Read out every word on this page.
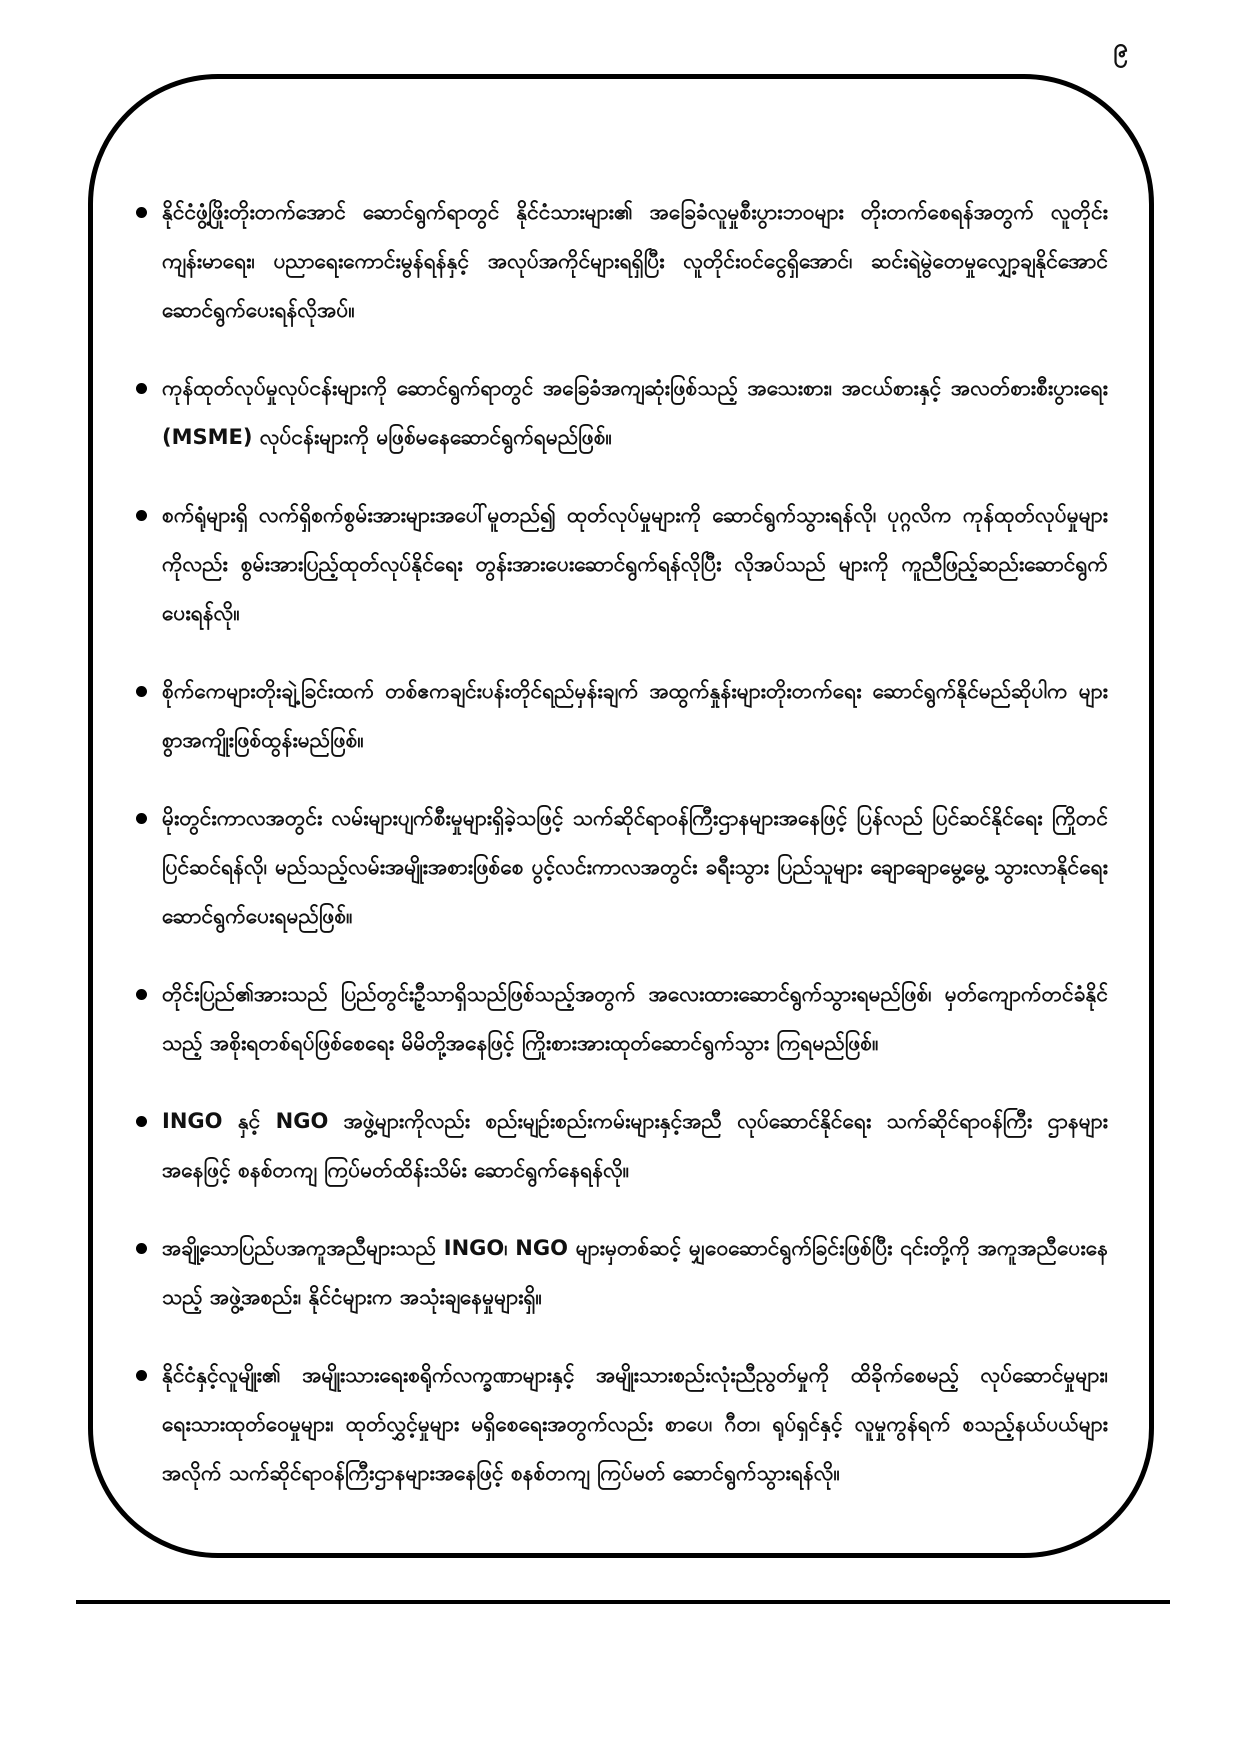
၉
နိုင်ငံဖွံ့ဖြိုးတိုးတက်အောင် ဆောင်ရွက်ရာတွင် နိုင်ငံသားများ၏ အခြေခံလူမှုစီးပွားဘဝများ တိုးတက်စေရန်အတွက် လူတိုင်းကျန်းမာရေး၊ ပညာရေးကောင်းမွန်ရန်နှင့် အလုပ်အကိုင်များရရှိပြီး လူတိုင်းဝင်ငွေရှိအောင်၊ ဆင်းရဲမွဲတေမှုလျှော့ချနိုင်အောင် ဆောင်ရွက်ပေးရန်လိုအပ်။
ကုန်ထုတ်လုပ်မှုလုပ်ငန်းများကို ဆောင်ရွက်ရာတွင် အခြေခံအကျဆုံးဖြစ်သည့် အသေးစား၊ အငယ်စားနှင့် အလတ်စားစီးပွားရေး (MSME) လုပ်ငန်းများကို မဖြစ်မနေဆောင်ရွက်ရမည်ဖြစ်။
စက်ရုံများရှိ လက်ရှိစက်စွမ်းအားများအပေါ်မူတည်၍ ထုတ်လုပ်မှုများကို ဆောင်ရွက်သွားရန်လို၊ ပုဂ္ဂလိက ကုန်ထုတ်လုပ်မှုများကိုလည်း စွမ်းအားပြည့်ထုတ်လုပ်နိုင်ရေး တွန်းအားပေးဆောင်ရွက်ရန်လိုပြီး လိုအပ်သည် များကို ကူညီဖြည့်ဆည်းဆောင်ရွက်ပေးရန်လို။
စိုက်ကေများတိုးချဲ့ခြင်းထက် တစ်ဧကချင်းပန်းတိုင်ရည်မှန်းချက် အထွက်နှုန်းများတိုးတက်ရေး ဆောင်ရွက်နိုင်မည်ဆိုပါက များစွာအကျိုးဖြစ်ထွန်းမည်ဖြစ်။
မိုးတွင်းကာလအတွင်း လမ်းများပျက်စီးမှုများရှိခဲ့သဖြင့် သက်ဆိုင်ရာဝန်ကြီးဌာနများအနေဖြင့် ပြန်လည် ပြင်ဆင်နိုင်ရေး ကြိုတင်ပြင်ဆင်ရန်လို၊ မည်သည့်လမ်းအမျိုးအစားဖြစ်စေ ပွင့်လင်းကာလအတွင်း ခရီးသွား ပြည်သူများ ချောချောမွေ့မွေ့ သွားလာနိုင်ရေး ဆောင်ရွက်ပေးရမည်ဖြစ်။
တိုင်းပြည်၏အားသည် ပြည်တွင်းဦ့သာရှိသည်ဖြစ်သည့်အတွက် အလေးထားဆောင်ရွက်သွားရမည်ဖြစ်၊ မှတ်ကျောက်တင်ခံနိုင်သည့် အစိုးရတစ်ရပ်ဖြစ်စေရေး မိမိတို့အနေဖြင့် ကြိုးစားအားထုတ်ဆောင်ရွက်သွား ကြရမည်ဖြစ်။
INGO နှင့် NGO အဖွဲ့များကိုလည်း စည်းမျဉ်းစည်းကမ်းများနှင့်အညီ လုပ်ဆောင်နိုင်ရေး သက်ဆိုင်ရာဝန်ကြီး ဌာနများအနေဖြင့် စနစ်တကျ ကြပ်မတ်ထိန်းသိမ်း ဆောင်ရွက်နေရန်လို။
အချို့သောပြည်ပအကူအညီများသည် INGO၊ NGO များမှတစ်ဆင့် မျှဝေဆောင်ရွက်ခြင်းဖြစ်ပြီး ၎င်းတို့ကို အကူအညီပေးနေသည့် အဖွဲ့အစည်း၊ နိုင်ငံများက အသုံးချနေမှုများရှိ။
နိုင်ငံနှင့်လူမျိုး၏ အမျိုးသားရေးစရိုက်လက္ခဏာများနှင့် အမျိုးသားစည်းလုံးညီညွတ်မှုကို ထိခိုက်စေမည့် လုပ်ဆောင်မှုများ၊ ရေးသားထုတ်ဝေမှုများ၊ ထုတ်လွှင့်မှုများ မရှိစေရေးအတွက်လည်း စာပေ၊ ဂီတ၊ ရုပ်ရှင်နှင့် လူမှုကွန်ရက် စသည့်နယ်ပယ်များအလိုက် သက်ဆိုင်ရာဝန်ကြီးဌာနများအနေဖြင့် စနစ်တကျ ကြပ်မတ် ဆောင်ရွက်သွားရန်လို။
